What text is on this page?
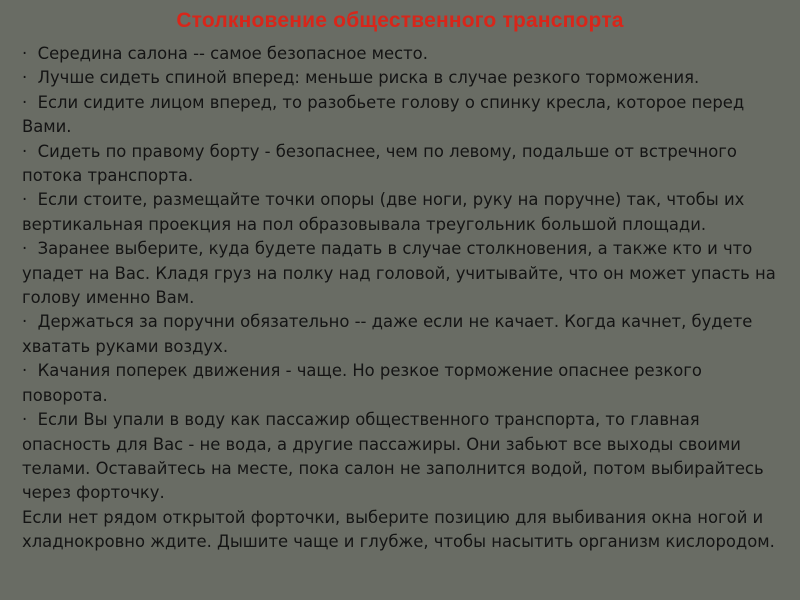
Столкновение общественного транспорта

· Середина салона -- самое безопасное место.

· Лучше сидеть спиной вперед: меньше риска в случае резкого торможения.

· Если сидите лицом вперед, то разобьете голову о спинку кресла, которое перед Вами.

· Сидеть по правому борту - безопаснее, чем по левому, подальше от встречного потока транспорта.

· Если стоите, размещайте точки опоры (две ноги, руку на поручне) так, чтобы их вертикальная проекция на пол образовывала треугольник большой площади.

· Заранее выберите, куда будете падать в случае столкновения, а также кто и что упадет на Вас. Кладя груз на полку над головой, учитывайте, что он может упасть на голову именно Вам.

· Держаться за поручни обязательно -- даже если не качает. Когда качнет, будете хватать руками воздух.

· Качания поперек движения - чаще. Но резкое торможение опаснее резкого поворота.

· Если Вы упали в воду как пассажир общественного транспорта, то главная опасность для Вас - не вода, а другие пассажиры. Они забьют все выходы своими телами. Оставайтесь на месте, пока салон не заполнится водой, потом выбирайтесь через форточку.

Если нет рядом открытой форточки, выберите позицию для выбивания окна ногой и хладнокровно ждите. Дышите чаще и глубже, чтобы насытить организм кислородом.
